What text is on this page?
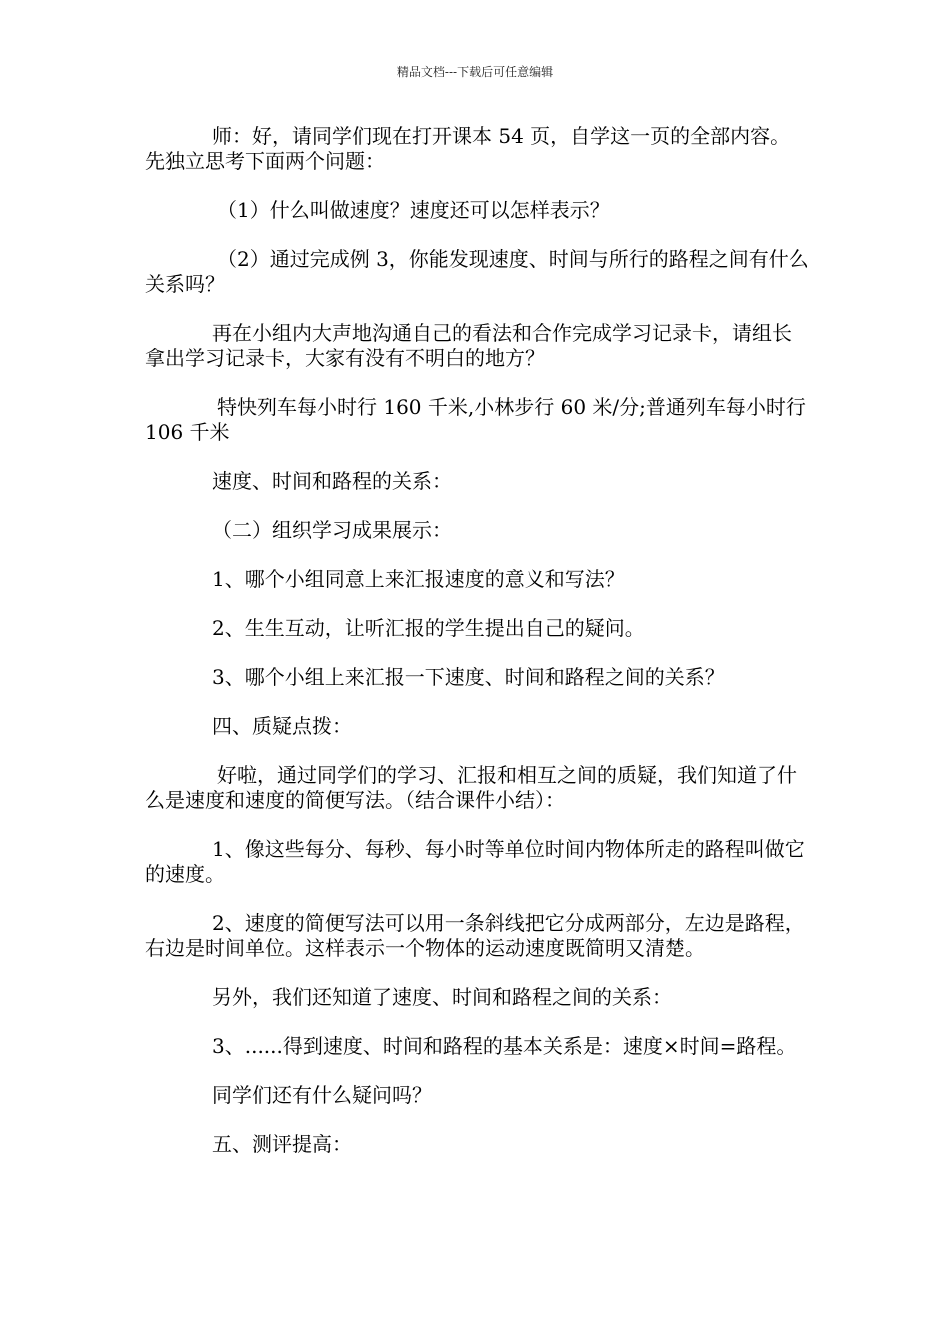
精品文档---下载后可任意编辑

师：好，请同学们现在打开课本 54 页，自学这一页的全部内容。先独立思考下面两个问题：

（1）什么叫做速度？速度还可以怎样表示？

（2）通过完成例 3，你能发现速度、时间与所行的路程之间有什么关系吗？

再在小组内大声地沟通自己的看法和合作完成学习记录卡，请组长拿出学习记录卡，大家有没有不明白的地方？

特快列车每小时行 160 千米,小林步行 60 米/分;普通列车每小时行 106 千米

速度、时间和路程的关系：

（二）组织学习成果展示：

1、哪个小组同意上来汇报速度的意义和写法？

2、生生互动，让听汇报的学生提出自己的疑问。

3、哪个小组上来汇报一下速度、时间和路程之间的关系？

四、质疑点拨：

好啦，通过同学们的学习、汇报和相互之间的质疑，我们知道了什么是速度和速度的简便写法。（结合课件小结）：

1、像这些每分、每秒、每小时等单位时间内物体所走的路程叫做它的速度。

2、速度的简便写法可以用一条斜线把它分成两部分，左边是路程，右边是时间单位。这样表示一个物体的运动速度既简明又清楚。

另外，我们还知道了速度、时间和路程之间的关系：

3、......得到速度、时间和路程的基本关系是：速度×时间=路程。

同学们还有什么疑问吗？

五、测评提高：
